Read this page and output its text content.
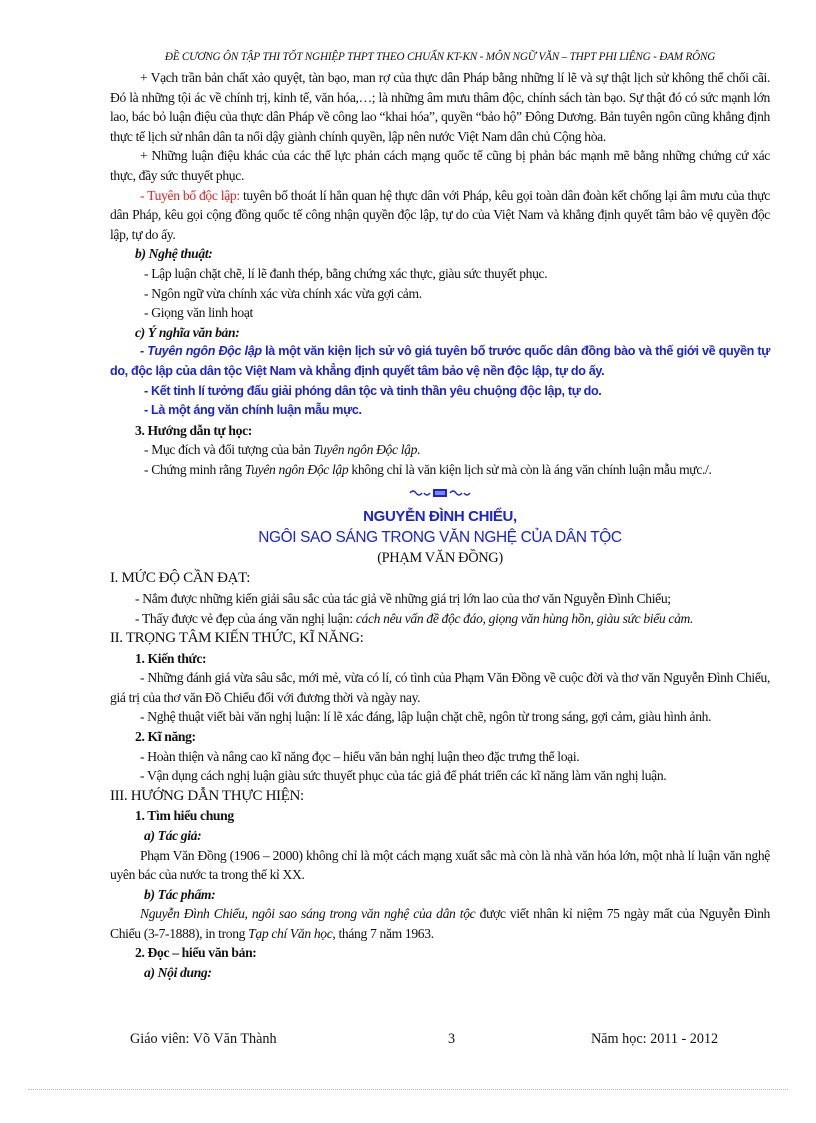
ĐỀ CƯƠNG ÔN TẬP THI TỐT NGHIỆP THPT THEO CHUẨN KT-KN - MÔN NGỮ VĂN – THPT PHI LIÊNG - ĐAM RÔNG

+ Vạch trần bản chất xảo quyệt, tàn bạo, man rợ của thực dân Pháp bằng những lí lẽ và sự thật lịch sử không thể chối cãi. Đó là những tội ác về chính trị, kinh tế, văn hóa,…; là những âm mưu thâm độc, chính sách tàn bạo. Sự thật đó có sức mạnh lớn lao, bác bỏ luận điệu của thực dân Pháp về công lao “khai hóa”, quyền “bảo hộ” Đông Dương. Bản tuyên ngôn cũng khẳng định thực tế lịch sử nhân dân ta nổi dậy giành chính quyền, lập nên nước Việt Nam dân chủ Cộng hòa.

+ Những luận điệu khác của các thế lực phản cách mạng quốc tế cũng bị phản bác mạnh mẽ bằng những chứng cứ xác thực, đầy sức thuyết phục.

- Tuyên bố độc lập: tuyên bố thoát lí hẳn quan hệ thực dân với Pháp, kêu gọi toàn dân đoàn kết chống lại âm mưu của thực dân Pháp, kêu gọi cộng đồng quốc tế công nhận quyền độc lập, tự do của Việt Nam và khẳng định quyết tâm bảo vệ quyền độc lập, tự do ấy.

b) Nghệ thuật:

- Lập luận chặt chẽ, lí lẽ đanh thép, bằng chứng xác thực, giàu sức thuyết phục.

- Ngôn ngữ vừa chính xác vừa chính xác vừa gợi cảm.

- Giọng văn linh hoạt

c) Ý nghĩa văn bản:

- Tuyên ngôn Độc lập là một văn kiện lịch sử vô giá tuyên bố trước quốc dân đồng bào và thế giới về quyền tự do, độc lập của dân tộc Việt Nam và khẳng định quyết tâm bảo vệ nền độc lập, tự do ấy.

- Kết tinh lí tưởng đấu giải phóng dân tộc và tinh thần yêu chuộng độc lập, tự do.

- Là một áng văn chính luận mẫu mực.

3. Hướng dẫn tự học:

- Mục đích và đối tượng của bản Tuyên ngôn Độc lập.

- Chứng minh rằng Tuyên ngôn Độc lập không chỉ là văn kiện lịch sử mà còn là áng văn chính luận mẫu mực./.

NGUYỄN ĐÌNH CHIỂU,

NGÔI SAO SÁNG TRONG VĂN NGHỆ CỦA DÂN TỘC

(PHẠM VĂN ĐỒNG)

I. MỨC ĐỘ CẦN ĐẠT:

- Nắm được những kiến giải sâu sắc của tác giả về những giá trị lớn lao của thơ văn Nguyễn Đình Chiểu;

- Thấy được vẻ đẹp của áng văn nghị luận: cách nêu vấn đề độc đáo, giọng văn hùng hồn, giàu sức biểu cảm.

II. TRỌNG TÂM KIẾN THỨC, KĨ NĂNG:

1. Kiến thức:

- Những đánh giá vừa sâu sắc, mới mẻ, vừa có lí, có tình của Phạm Văn Đồng về cuộc đời và thơ văn Nguyễn Đình Chiểu, giá trị của thơ văn Đồ Chiểu đối với đương thời và ngày nay.

- Nghệ thuật viết bài văn nghị luận: lí lẽ xác đáng, lập luận chặt chẽ, ngôn từ trong sáng, gợi cảm, giàu hình ảnh.

2. Kĩ năng:

- Hoàn thiện và nâng cao kĩ năng đọc – hiểu văn bản nghị luận theo đặc trưng thể loại.

- Vận dụng cách nghị luận giàu sức thuyết phục của tác giả để phát triển các kĩ năng làm văn nghị luận.

III. HƯỚNG DẪN THỰC HIỆN:

1. Tìm hiểu chung

a) Tác giả:

Phạm Văn Đồng (1906 – 2000) không chỉ là một cách mạng xuất sắc mà còn là nhà văn hóa lớn, một nhà lí luận văn nghệ uyên bác của nước ta trong thế kỉ XX.

b) Tác phẩm:

Nguyễn Đình Chiểu, ngôi sao sáng trong văn nghệ của dân tộc được viết nhân kỉ niệm 75 ngày mất của Nguyễn Đình Chiểu (3-7-1888), in trong Tạp chí Văn học, tháng 7 năm 1963.

2. Đọc – hiểu văn bản:

a) Nội dung:

Giáo viên: Võ Văn Thành	3	Năm học: 2011 - 2012
